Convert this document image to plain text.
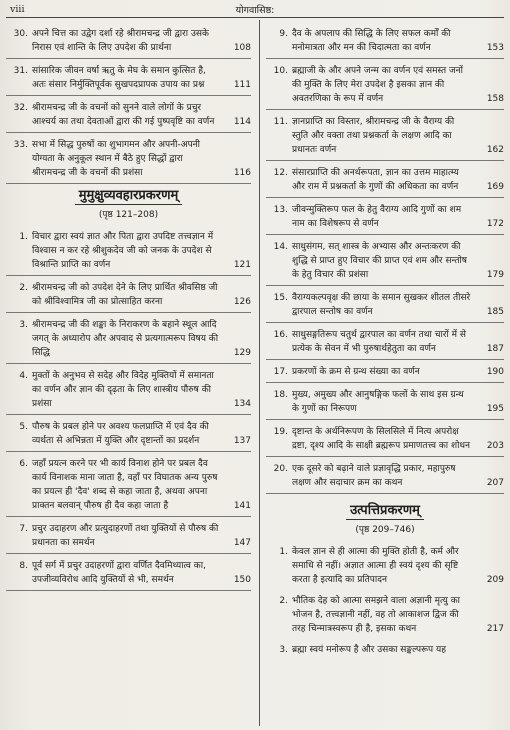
viii	योगवासिष्ठ:
30. अपने चित्त का उद्वेग दर्शा रहे श्रीरामचन्द्र जी द्वारा उसके निरास एवं शान्ति के लिए उपदेश की प्रार्थना	108
31. सांसारिक जीवन वर्षा ऋतु के मेघ के समान कुत्सित है, अतः संसार निर्मुक्तिपूर्वक सुखपदप्रापक उपाय का प्रश्न	111
32. श्रीरामचन्द्र जी के वचनों को सुनने वाले लोगों के प्रचुर आश्चर्य का तथा देवताओं द्वारा की गई पुष्पवृष्टि का वर्णन 114
33. सभा में सिद्ध पुरुषों का शुभागमन और अपनी-अपनी योग्यता के अनुकूल स्थान में बैठे हुए सिद्धों द्वारा श्रीरामचन्द्र जी के वचनों की प्रशंसा	116
मुमुक्षुव्यवहारप्रकरणम्
(पृष्ठ 121–208)
1. विचार द्वारा स्वयं ज्ञात और पिता द्वारा उपदिष्ट तत्त्वज्ञान में विश्वास न कर रहे श्रीशुकदेव जी को जनक के उपदेश से विश्रान्ति प्राप्ति का वर्णन	121
2. श्रीरामचन्द्र जी को उपदेश देने के लिए प्रार्थित श्रीवसिष्ठ जी को श्रीविश्वामित्र जी का प्रोत्साहित करना	126
3. श्रीरामचन्द्र जी की शङ्का के निराकरण के बहाने स्थूल आदि जगत् के अध्यारोप और अपवाद से प्रत्यगात्मरूप विषय की सिद्धि	129
4. मुक्तों के अनुभव से सदेह और विदेह मुक्तियों में समानता का वर्णन और ज्ञान की दृढ़ता के लिए शास्त्रीय पौरुष की प्रशंसा	134
5. पौरुष के प्रबल होने पर अवश्य फलप्राप्ति में एवं दैव की व्यर्थता से अभिन्नता में युक्ति और दृष्टान्तों का प्रदर्शन	137
6. जहाँ प्रयत्न करने पर भी कार्य विनाश होने पर प्रबल दैव कार्य विनाशक माना जाता है, वहाँ पर विघातक अन्य पुरुष का प्रयत्न ही 'दैव' शब्द से कहा जाता है, अथवा अपना प्राक्तन बलवान् पौरुष ही दैव कहा जाता है	141
7. प्रचुर उदाहरण और प्रत्युदाहरणों तथा युक्तियों से पौरुष की प्रधानता का समर्थन	147
8. पूर्व सर्ग में प्रचुर उदाहरणों द्वारा वर्णित दैवमिथ्यात्व का, उपजीव्यविरोध आदि युक्तियों से भी, समर्थन	150
9. दैव के अपलाप की सिद्धि के लिए सफल कर्मों की मनोमात्रता और मन की चिदात्मता का वर्णन	153
10. ब्रह्माजी के और अपने जन्म का वर्णन एवं समस्त जनों की मुक्ति के लिए मेरा उपदेश है इसका ज्ञान की अवतरणिका के रूप में वर्णन	158
11. ज्ञानप्राप्ति का विस्तार, श्रीरामचन्द्र जी के वैराग्य की स्तुति और वक्ता तथा प्रश्नकर्ता के लक्षण आदि का प्रधानतः वर्णन	162
12. संसारप्राप्ति की अनर्थरूपता, ज्ञान का उत्तम माहात्म्य और राम में प्रश्नकर्ता के गुणों की अधिकता का वर्णन	169
13. जीवन्मुक्तिरूप फल के हेतु वैराग्य आदि गुणों का शम नाम का विशेषरूप से वर्णन	172
14. साधुसंगम, सत् शास्त्र के अभ्यास और अन्तःकरण की शुद्धि से प्राप्त हुए विचार की प्राप्त एवं शम और सन्तोष के हेतु विचार की प्रशंसा	179
15. वैराग्यकल्पवृक्ष की छाया के समान सुखकर शीतल तीसरे द्वारपाल सन्तोष का वर्णन	185
16. साधुसङ्गतिरूप चतुर्थ द्वारपाल का वर्णन तथा चारों में से प्रत्येक के सेवन में भी पुरुषार्थहेतुता का वर्णन	187
17. प्रकरणों के क्रम से ग्रन्थ संख्या का वर्णन	190
18. मुख्य, अमुख्य और आनुषङ्गिक फलों के साथ इस ग्रन्थ के गुणों का निरूपण	195
19. दृष्टान्त के अर्थनिरूपण के सिलसिले में नित्य अपरोक्ष द्रष्टा, दृश्य आदि के साक्षी ब्रह्मरूप प्रमाणतत्त्व का शोधन 203
20. एक दूसरे को बढ़ाने वाले प्रज्ञावृद्धि प्रकार, महापुरुष लक्षण और सदाचार क्रम का कथन	207
उत्पत्तिप्रकरणम्
(पृष्ठ 209–746)
1. केवल ज्ञान से ही आत्मा की मुक्ति होती है, कर्म और समाधि से नहीं। अज्ञात आत्मा ही स्वयं दृश्य की सृष्टि करता है इत्यादि का प्रतिपादन	209
2. भौतिक देह को आत्मा समझने वाला अज्ञानी मृत्यु का भोजन है, तत्त्वज्ञानी नहीं, वह तो आकाशज द्विज की तरह चिन्मात्रस्वरूप ही है, इसका कथन	217
3. ब्रह्मा स्वयं मनोरूप है और उसका सङ्कल्परूप यह
